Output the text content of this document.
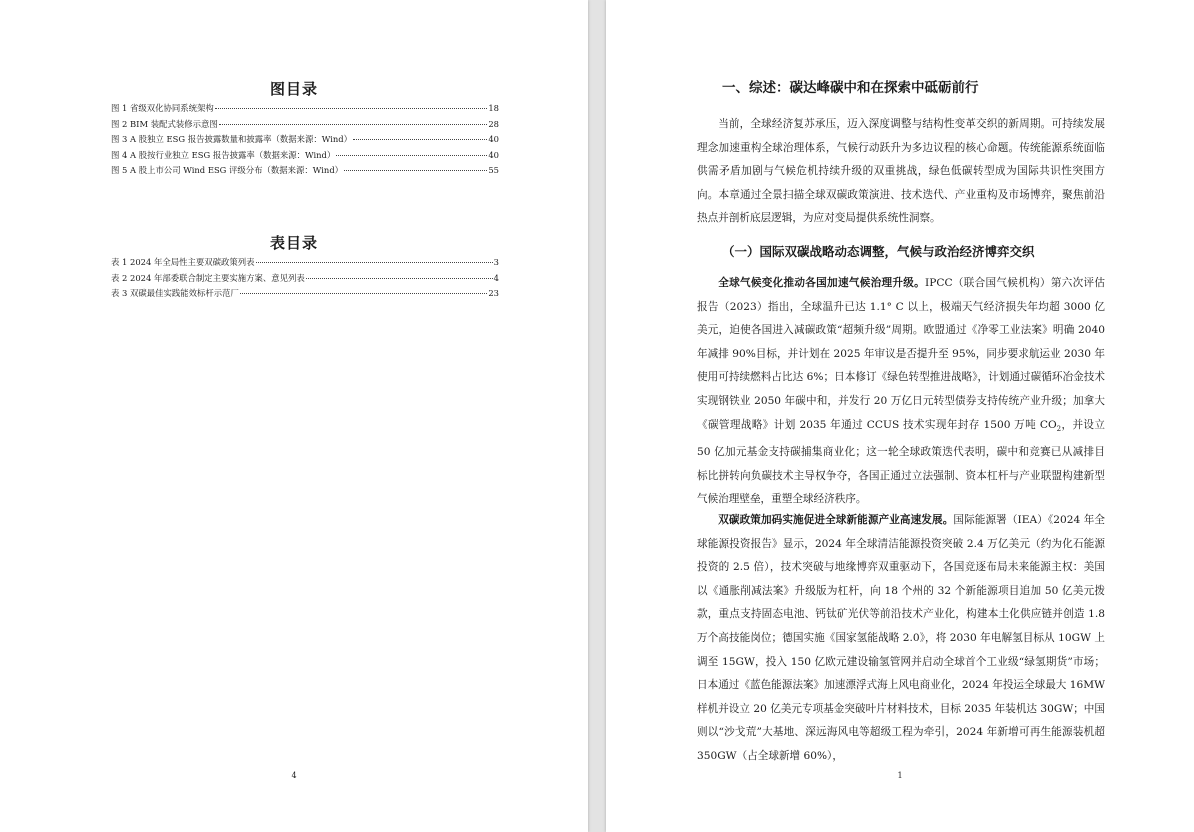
图目录
图 1 省级双化协同系统架构	18
图 2 BIM 装配式装修示意图	28
图 3 A 股独立 ESG 报告披露数量和披露率（数据来源：Wind）	40
图 4 A 股按行业独立 ESG 报告披露率（数据来源：Wind）	40
图 5 A 股上市公司 Wind ESG 评级分布（数据来源：Wind）	55
表目录
表 1 2024 年全局性主要双碳政策列表	3
表 2 2024 年部委联合制定主要实施方案、意见列表	4
表 3 双碳最佳实践能效标杆示范厂	23
4	1
一、综述：碳达峰碳中和在探索中砥砺前行

当前，全球经济复苏承压，迈入深度调整与结构性变革交织的新周期。可持续发展理念加速重构全球治理体系，气候行动跃升为多边议程的核心命题。传统能源系统面临供需矛盾加剧与气候危机持续升级的双重挑战，绿色低碳转型成为国际共识性突围方向。本章通过全景扫描全球双碳政策演进、技术迭代、产业重构及市场博弈，聚焦前沿热点并剖析底层逻辑，为应对变局提供系统性洞察。

（一）国际双碳战略动态调整，气候与政治经济博弈交织

全球气候变化推动各国加速气候治理升级。IPCC（联合国气候机构）第六次评估报告（2023）指出，全球温升已达 1.1° C 以上，极端天气经济损失年均超 3000 亿美元，迫使各国进入减碳政策“超频升级”周期。欧盟通过《净零工业法案》明确 2040 年减排 90%目标，并计划在 2025 年审议是否提升至 95%，同步要求航运业 2030 年使用可持续燃料占比达 6%；日本修订《绿色转型推进战略》，计划通过碳循环冶金技术实现钢铁业 2050 年碳中和，并发行 20 万亿日元转型债券支持传统产业升级；加拿大《碳管理战略》计划 2035 年通过 CCUS 技术实现年封存 1500 万吨 $CO_2$，并设立 50 亿加元基金支持碳捕集商业化；这一轮全球政策迭代表明，碳中和竞赛已从减排目标比拼转向负碳技术主导权争夺，各国正通过立法强制、资本杠杆与产业联盟构建新型气候治理壁垒，重塑全球经济秩序。

双碳政策加码实施促进全球新能源产业高速发展。国际能源署（IEA）《2024 年全球能源投资报告》显示，2024 年全球清洁能源投资突破 2.4 万亿美元（约为化石能源投资的 2.5 倍），技术突破与地缘博弈双重驱动下，各国竞逐布局未来能源主权：美国以《通胀削减法案》升级版为杠杆，向 18 个州的 32 个新能源项目追加 50 亿美元拨款，重点支持固态电池、钙钛矿光伏等前沿技术产业化，构建本土化供应链并创造 1.8 万个高技能岗位；德国实施《国家氢能战略 2.0》，将 2030 年电解氢目标从 10GW 上调至 15GW，投入 150 亿欧元建设输氢管网并启动全球首个工业级“绿氢期货”市场；日本通过《蓝色能源法案》加速漂浮式海上风电商业化，2024 年投运全球最大 16MW 样机并设立 20 亿美元专项基金突破叶片材料技术，目标 2035 年装机达 30GW；中国则以“沙戈荒”大基地、深远海风电等超级工程为牵引，2024 年新增可再生能源装机超 350GW（占全球新增 60%），
